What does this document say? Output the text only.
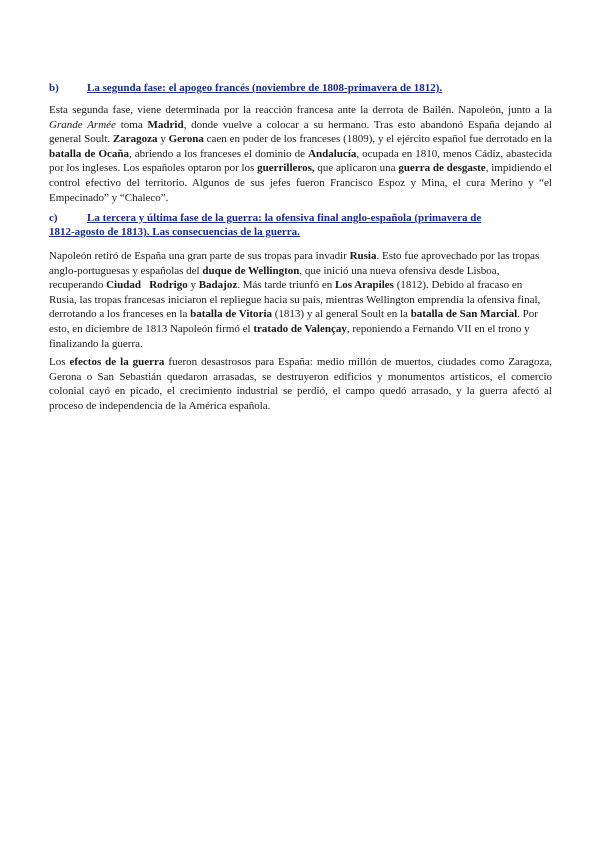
b)	La segunda fase: el apogeo francés (noviembre de 1808-primavera de 1812).

Esta segunda fase, viene determinada por la reacción francesa ante la derrota de Bailén. Napoleón, junto a la Grande Armée toma Madrid, donde vuelve a colocar a su hermano. Tras esto abandonó España dejando al general Soult. Zaragoza y Gerona caen en poder de los franceses (1809), y el ejército español fue derrotado en la batalla de Ocaña, abriendo a los franceses el dominio de Andalucía, ocupada en 1810, menos Cádiz, abastecida por los ingleses. Los españoles optaron por los guerrilleros, que aplicaron una guerra de desgaste, impidiendo el control efectivo del territorio. Algunos de sus jefes fueron Francisco Espoz y Mina, el cura Merino y “el Empecinado” y “Chaleco”.

c)	La tercera y última fase de la guerra: la ofensiva final anglo-española (primavera de
1812-agosto de 1813). Las consecuencias de la guerra.

Napoleón retiró de España una gran parte de sus tropas para invadir Rusia. Esto fue aprovechado por las tropas anglo-portuguesas y españolas del duque de Wellington, que inició una nueva ofensiva desde Lisboa, recuperando Ciudad   Rodrigo y Badajoz. Más tarde triunfó en Los Arapiles (1812). Debido al fracaso en Rusia, las tropas francesas iniciaron el repliegue hacia su país, mientras Wellington emprendía la ofensiva final, derrotando a los franceses en la batalla de Vitoria (1813) y al general Soult en la batalla de San Marcial. Por esto, en diciembre de 1813 Napoleón firmó el tratado de Valençay, reponiendo a Fernando VII en el trono y finalizando la guerra.

Los efectos de la guerra fueron desastrosos para España: medio millón de muertos, ciudades como Zaragoza, Gerona o San Sebastián quedaron arrasadas, se destruyeron edificios y monumentos artísticos, el comercio colonial cayó en picado, el crecimiento industrial se perdió, el campo quedó arrasado, y la guerra afectó al proceso de independencia de la América española.
